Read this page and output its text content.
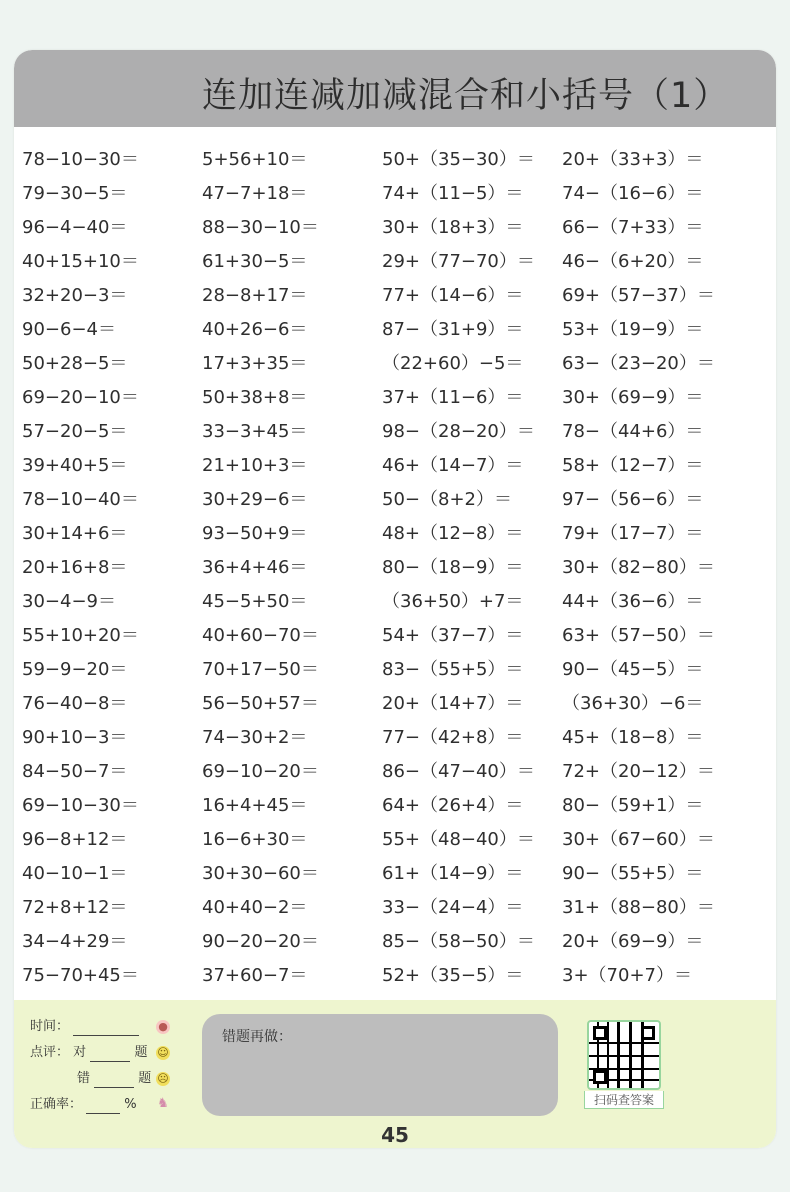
连加连减加减混合和小括号（1）
78−10−30＝	5+56+10＝	50+（35−30）＝	20+（33+3）＝
79−30−5＝	47−7+18＝	74+（11−5）＝	74−（16−6）＝
96−4−40＝	88−30−10＝	30+（18+3）＝	66−（7+33）＝
40+15+10＝	61+30−5＝	29+（77−70）＝	46−（6+20）＝
32+20−3＝	28−8+17＝	77+（14−6）＝	69+（57−37）＝
90−6−4＝	40+26−6＝	87−（31+9）＝	53+（19−9）＝
50+28−5＝	17+3+35＝	（22+60）−5＝	63−（23−20）＝
69−20−10＝	50+38+8＝	37+（11−6）＝	30+（69−9）＝
57−20−5＝	33−3+45＝	98−（28−20）＝	78−（44+6）＝
39+40+5＝	21+10+3＝	46+（14−7）＝	58+（12−7）＝
78−10−40＝	30+29−6＝	50−（8+2）＝	97−（56−6）＝
30+14+6＝	93−50+9＝	48+（12−8）＝	79+（17−7）＝
20+16+8＝	36+4+46＝	80−（18−9）＝	30+（82−80）＝
30−4−9＝	45−5+50＝	（36+50）+7＝	44+（36−6）＝
55+10+20＝	40+60−70＝	54+（37−7）＝	63+（57−50）＝
59−9−20＝	70+17−50＝	83−（55+5）＝	90−（45−5）＝
76−40−8＝	56−50+57＝	20+（14+7）＝	（36+30）−6＝
90+10−3＝	74−30+2＝	77−（42+8）＝	45+（18−8）＝
84−50−7＝	69−10−20＝	86−（47−40）＝	72+（20−12）＝
69−10−30＝	16+4+45＝	64+（26+4）＝	80−（59+1）＝
96−8+12＝	16−6+30＝	55+（48−40）＝	30+（67−60）＝
40−10−1＝	30+30−60＝	61+（14−9）＝	90−（55+5）＝
72+8+12＝	40+40−2＝	33−（24−4）＝	31+（88−80）＝
34−4+29＝	90−20−20＝	85−（58−50）＝	20+（69−9）＝
75−70+45＝	37+60−7＝	52+（35−5）＝	3+（70+7）＝
时间：	●
点评： 对	题 ☺
错	题 ☹
正确率：	% ♞
错题再做：
扫码查答案
45
